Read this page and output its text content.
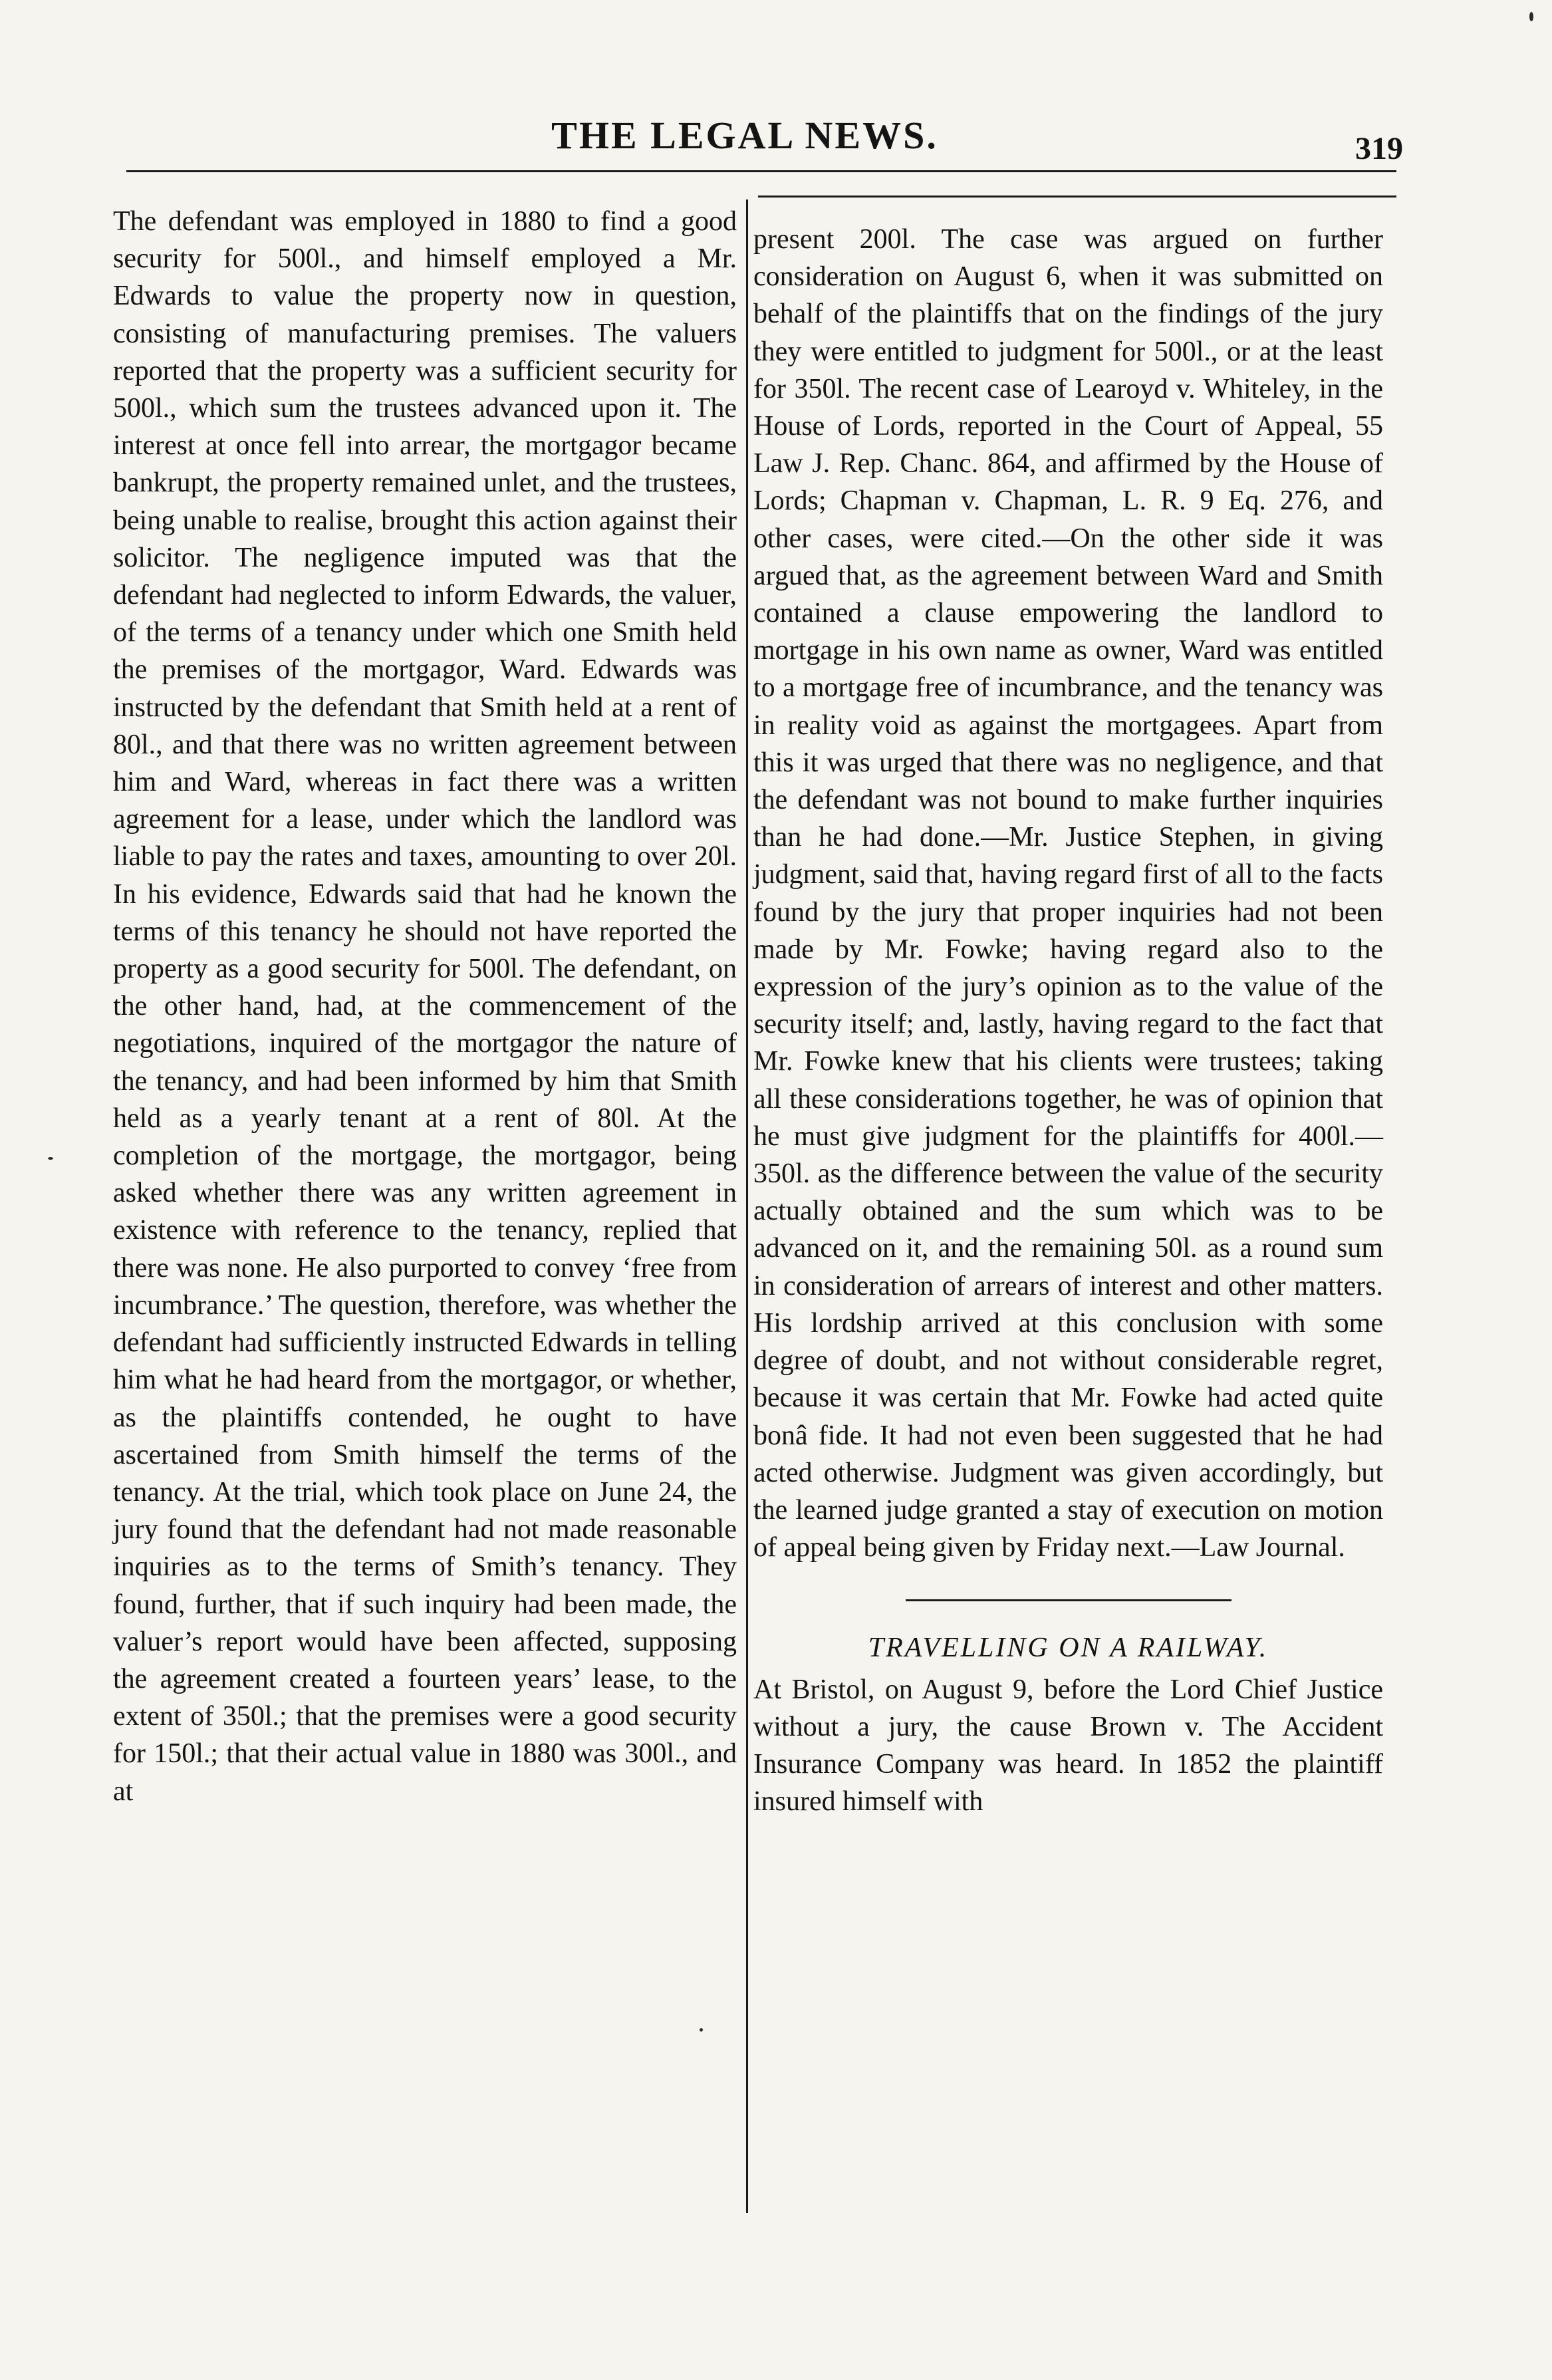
THE LEGAL NEWS.	319

The defendant was employed in 1880 to find a good security for 500l., and himself employed a Mr. Edwards to value the property now in question, consisting of manufacturing premises. The valuers reported that the property was a sufficient security for 500l., which sum the trustees advanced upon it. The interest at once fell into arrear, the mortgagor became bankrupt, the property remained unlet, and the trustees, being unable to realise, brought this action against their solicitor. The negligence imputed was that the defendant had neglected to inform Edwards, the valuer, of the terms of a tenancy under which one Smith held the premises of the mortgagor, Ward. Edwards was instructed by the defendant that Smith held at a rent of 80l., and that there was no written agreement between him and Ward, whereas in fact there was a written agreement for a lease, under which the landlord was liable to pay the rates and taxes, amounting to over 20l. In his evidence, Edwards said that had he known the terms of this tenancy he should not have reported the property as a good security for 500l. The defendant, on the other hand, had, at the commencement of the negotiations, inquired of the mortgagor the nature of the tenancy, and had been informed by him that Smith held as a yearly tenant at a rent of 80l. At the completion of the mortgage, the mortgagor, being asked whether there was any written agreement in existence with reference to the tenancy, replied that there was none. He also purported to convey ‘free from incumbrance.’ The question, therefore, was whether the defendant had sufficiently instructed Edwards in telling him what he had heard from the mortgagor, or whether, as the plaintiffs contended, he ought to have ascertained from Smith himself the terms of the tenancy. At the trial, which took place on June 24, the jury found that the defendant had not made reasonable inquiries as to the terms of Smith’s tenancy. They found, further, that if such inquiry had been made, the valuer’s report would have been affected, supposing the agreement created a fourteen years’ lease, to the extent of 350l.; that the premises were a good security for 150l.; that their actual value in 1880 was 300l., and at

present 200l. The case was argued on further consideration on August 6, when it was submitted on behalf of the plaintiffs that on the findings of the jury they were entitled to judgment for 500l., or at the least for 350l. The recent case of Learoyd v. Whiteley, in the House of Lords, reported in the Court of Appeal, 55 Law J. Rep. Chanc. 864, and affirmed by the House of Lords; Chapman v. Chapman, L. R. 9 Eq. 276, and other cases, were cited.—On the other side it was argued that, as the agreement between Ward and Smith contained a clause empowering the landlord to mortgage in his own name as owner, Ward was entitled to a mortgage free of incumbrance, and the tenancy was in reality void as against the mortgagees. Apart from this it was urged that there was no negligence, and that the defendant was not bound to make further inquiries than he had done.—Mr. Justice Stephen, in giving judgment, said that, having regard first of all to the facts found by the jury that proper inquiries had not been made by Mr. Fowke; having regard also to the expression of the jury’s opinion as to the value of the security itself; and, lastly, having regard to the fact that Mr. Fowke knew that his clients were trustees; taking all these considerations together, he was of opinion that he must give judgment for the plaintiffs for 400l.—350l. as the difference between the value of the security actually obtained and the sum which was to be advanced on it, and the remaining 50l. as a round sum in consideration of arrears of interest and other matters. His lordship arrived at this conclusion with some degree of doubt, and not without considerable regret, because it was certain that Mr. Fowke had acted quite bonâ fide. It had not even been suggested that he had acted otherwise. Judgment was given accordingly, but the learned judge granted a stay of execution on motion of appeal being given by Friday next.—Law Journal.

TRAVELLING ON A RAILWAY.

At Bristol, on August 9, before the Lord Chief Justice without a jury, the cause Brown v. The Accident Insurance Company was heard. In 1852 the plaintiff insured himself with
